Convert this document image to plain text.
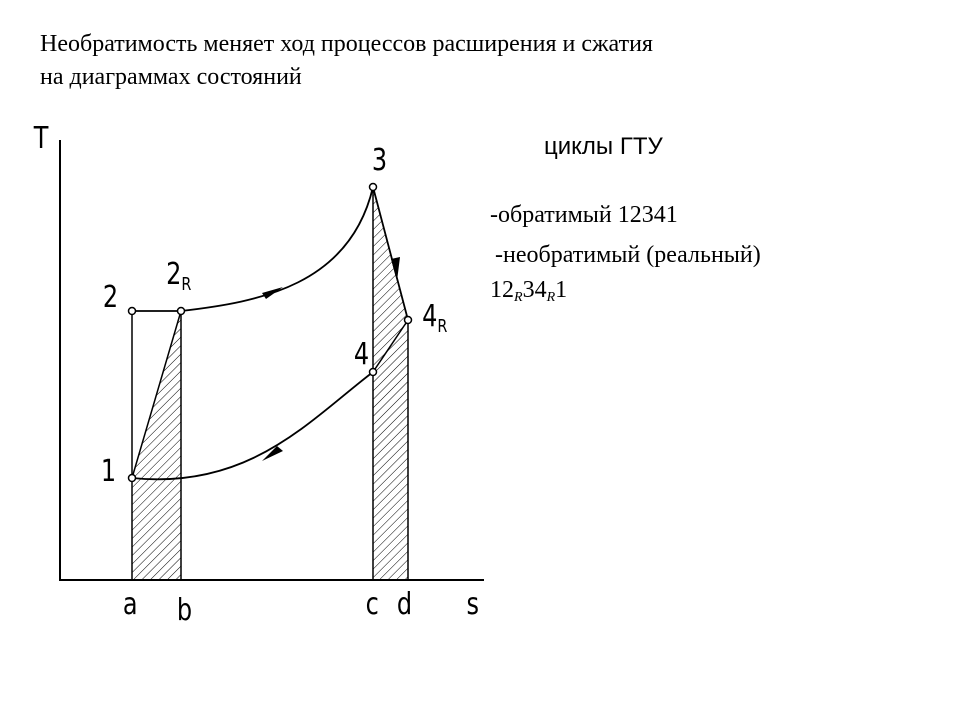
Необратимость меняет ход процессов расширения и сжатия
на диаграммах состояний
T
s
1
2
$2_R$
3
4
$4_R$
a b	c d
циклы ГТУ
-обратимый 12341
-необратимый (реальный)
$12_R34_R1$
